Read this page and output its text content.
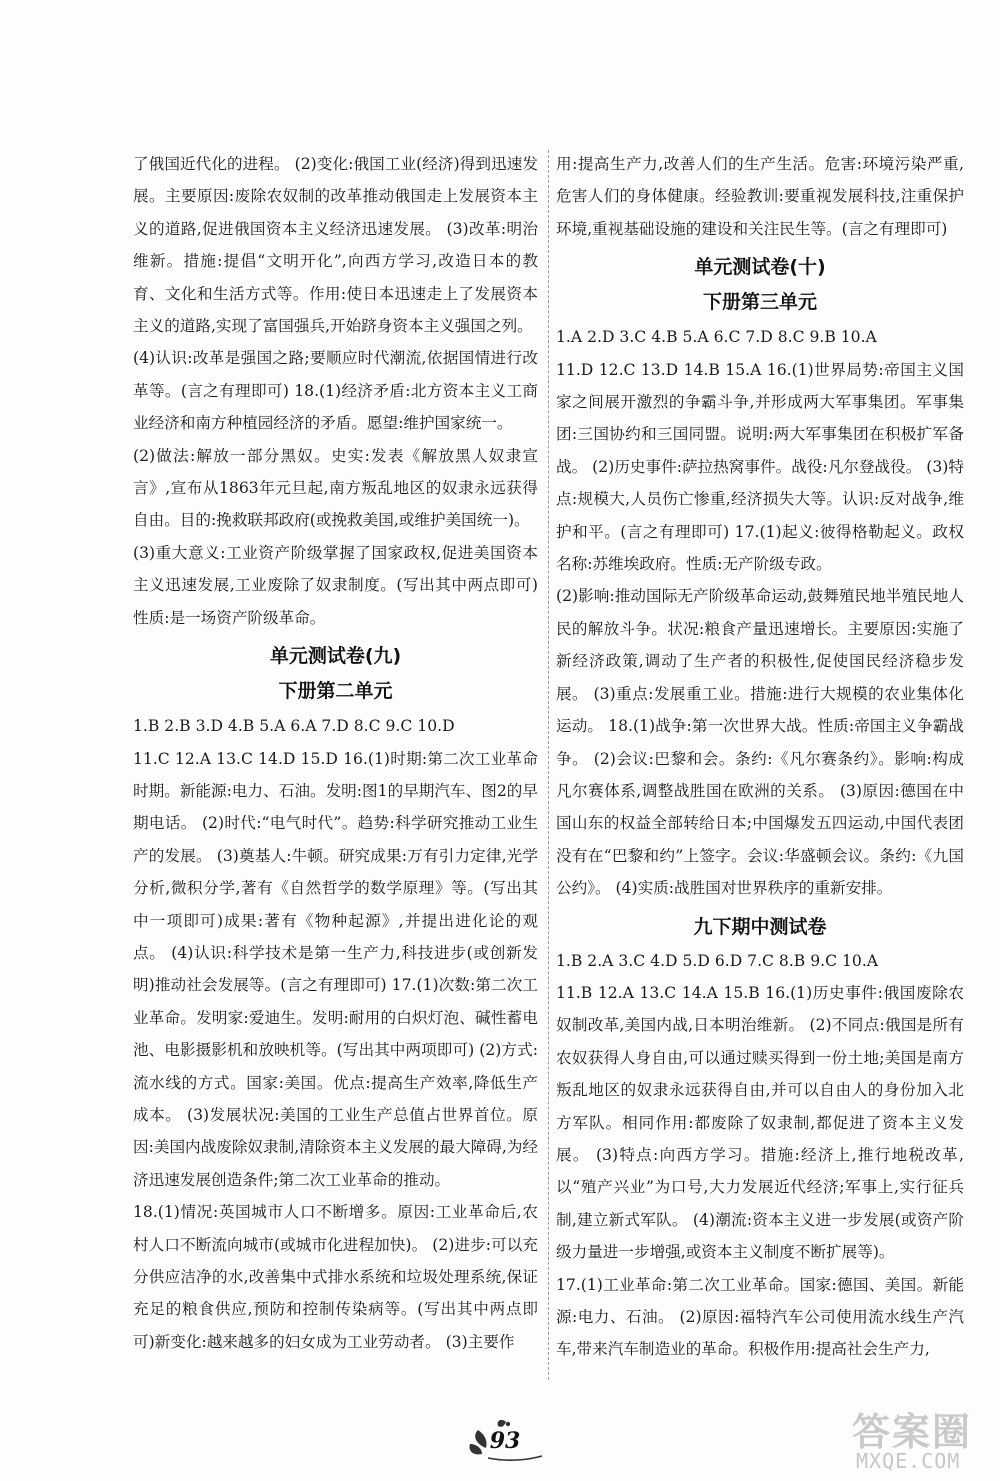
了俄国近代化的进程。 (2)变化:俄国工业(经济)得到迅速发展。主要原因:废除农奴制的改革推动俄国走上发展资本主义的道路,促进俄国资本主义经济迅速发展。 (3)改革:明治维新。措施:提倡“文明开化”,向西方学习,改造日本的教育、文化和生活方式等。作用:使日本迅速走上了发展资本主义的道路,实现了富国强兵,开始跻身资本主义强国之列。

(4)认识:改革是强国之路;要顺应时代潮流,依据国情进行改革等。(言之有理即可) 18.(1)经济矛盾:北方资本主义工商业经济和南方种植园经济的矛盾。愿望:维护国家统一。

(2)做法:解放一部分黑奴。史实:发表《解放黑人奴隶宣言》,宣布从1863年元旦起,南方叛乱地区的奴隶永远获得自由。目的:挽救联邦政府(或挽救美国,或维护美国统一)。

(3)重大意义:工业资产阶级掌握了国家政权,促进美国资本主义迅速发展,工业废除了奴隶制度。(写出其中两点即可)性质:是一场资产阶级革命。

单元测试卷(九)
下册第二单元

1.B 2.B 3.D 4.B 5.A 6.A 7.D 8.C 9.C 10.D

11.C 12.A 13.C 14.D 15.D 16.(1)时期:第二次工业革命时期。新能源:电力、石油。发明:图1的早期汽车、图2的早期电话。 (2)时代:“电气时代”。趋势:科学研究推动工业生产的发展。 (3)奠基人:牛顿。研究成果:万有引力定律,光学分析,微积分学,著有《自然哲学的数学原理》等。(写出其中一项即可)成果:著有《物种起源》,并提出进化论的观点。 (4)认识:科学技术是第一生产力,科技进步(或创新发明)推动社会发展等。(言之有理即可) 17.(1)次数:第二次工业革命。发明家:爱迪生。发明:耐用的白炽灯泡、碱性蓄电池、电影摄影机和放映机等。(写出其中两项即可) (2)方式:流水线的方式。国家:美国。优点:提高生产效率,降低生产成本。 (3)发展状况:美国的工业生产总值占世界首位。原因:美国内战废除奴隶制,清除资本主义发展的最大障碍,为经济迅速发展创造条件;第二次工业革命的推动。

18.(1)情况:英国城市人口不断增多。原因:工业革命后,农村人口不断流向城市(或城市化进程加快)。 (2)进步:可以充分供应洁净的水,改善集中式排水系统和垃圾处理系统,保证充足的粮食供应,预防和控制传染病等。(写出其中两点即可)新变化:越来越多的妇女成为工业劳动者。 (3)主要作

用:提高生产力,改善人们的生产生活。危害:环境污染严重,危害人们的身体健康。经验教训:要重视发展科技,注重保护环境,重视基础设施的建设和关注民生等。(言之有理即可)

单元测试卷(十)
下册第三单元

1.A 2.D 3.C 4.B 5.A 6.C 7.D 8.C 9.B 10.A

11.D 12.C 13.D 14.B 15.A 16.(1)世界局势:帝国主义国家之间展开激烈的争霸斗争,并形成两大军事集团。军事集团:三国协约和三国同盟。说明:两大军事集团在积极扩军备战。 (2)历史事件:萨拉热窝事件。战役:凡尔登战役。 (3)特点:规模大,人员伤亡惨重,经济损失大等。认识:反对战争,维护和平。(言之有理即可) 17.(1)起义:彼得格勒起义。政权名称:苏维埃政府。性质:无产阶级专政。

(2)影响:推动国际无产阶级革命运动,鼓舞殖民地半殖民地人民的解放斗争。状况:粮食产量迅速增长。主要原因:实施了新经济政策,调动了生产者的积极性,促使国民经济稳步发展。 (3)重点:发展重工业。措施:进行大规模的农业集体化运动。 18.(1)战争:第一次世界大战。性质:帝国主义争霸战争。 (2)会议:巴黎和会。条约:《凡尔赛条约》。影响:构成凡尔赛体系,调整战胜国在欧洲的关系。 (3)原因:德国在中国山东的权益全部转给日本;中国爆发五四运动,中国代表团没有在“巴黎和约”上签字。会议:华盛顿会议。条约:《九国公约》。 (4)实质:战胜国对世界秩序的重新安排。

九下期中测试卷

1.B 2.A 3.C 4.D 5.D 6.D 7.C 8.B 9.C 10.A

11.B 12.A 13.C 14.A 15.B 16.(1)历史事件:俄国废除农奴制改革,美国内战,日本明治维新。 (2)不同点:俄国是所有农奴获得人身自由,可以通过赎买得到一份土地;美国是南方叛乱地区的奴隶永远获得自由,并可以自由人的身份加入北方军队。相同作用:都废除了奴隶制,都促进了资本主义发展。 (3)特点:向西方学习。措施:经济上,推行地税改革,以“殖产兴业”为口号,大力发展近代经济;军事上,实行征兵制,建立新式军队。 (4)潮流:资本主义进一步发展(或资产阶级力量进一步增强,或资本主义制度不断扩展等)。

17.(1)工业革命:第二次工业革命。国家:德国、美国。新能源:电力、石油。 (2)原因:福特汽车公司使用流水线生产汽车,带来汽车制造业的革命。积极作用:提高社会生产力,

93	答案圈
MXQE.COM
